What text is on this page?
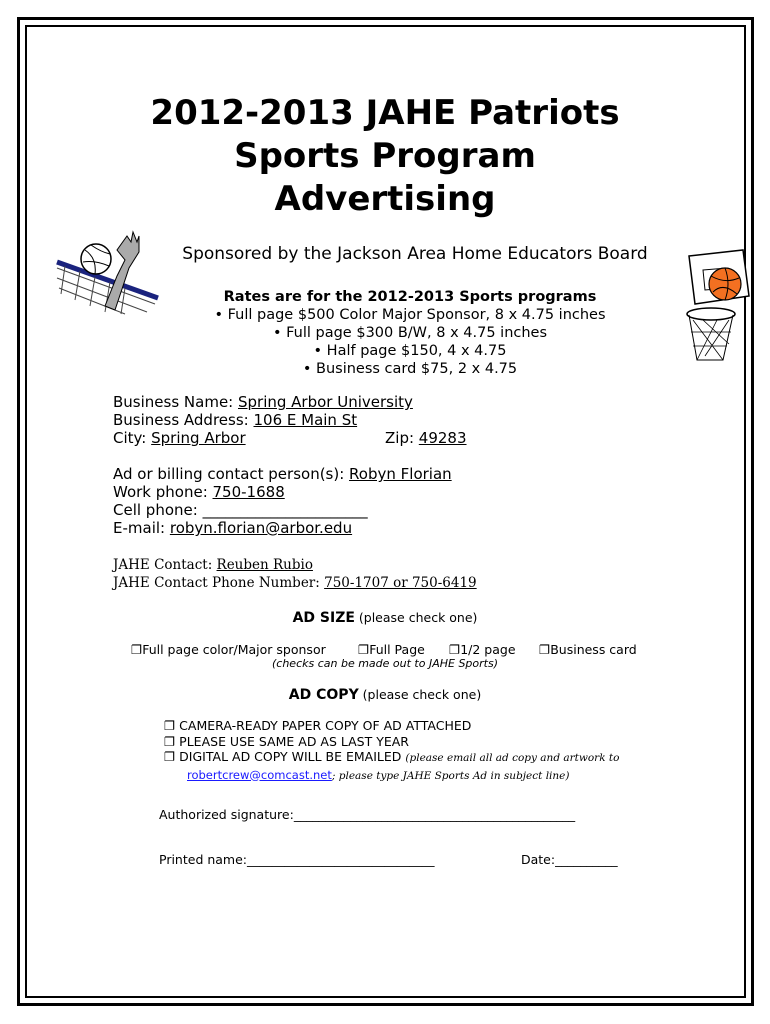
2012-2013 JAHE Patriots
Sports Program
Advertising
Sponsored by the Jackson Area Home Educators Board
Rates are for the 2012-2013 Sports programs
• Full page $500 Color Major Sponsor, 8 x 4.75 inches
• Full page $300 B/W, 8 x 4.75 inches
• Half page $150, 4 x 4.75
• Business card $75, 2 x 4.75
Business Name: Spring Arbor University
Business Address: 106 E Main St
City: Spring Arbor	Zip: 49283
Ad or billing contact person(s): Robyn Florian
Work phone: 750-1688
Cell phone: ______________________
E-mail: robyn.florian@arbor.edu
JAHE Contact: Reuben Rubio
JAHE Contact Phone Number: 750-1707 or 750-6419
AD SIZE (please check one)
❐Full page color/Major sponsor	❐Full Page ❐1/2 page ❐Business card
(checks can be made out to JAHE Sports)
AD COPY (please check one)
❐ CAMERA-READY PAPER COPY OF AD ATTACHED
❐ PLEASE USE SAME AD AS LAST YEAR
❐ DIGITAL AD COPY WILL BE EMAILED (please email all ad copy and artwork to
robertcrew@comcast.net; please type JAHE Sports Ad in subject line)
Authorized signature:_____________________________________________
Printed name:______________________________	Date:__________
